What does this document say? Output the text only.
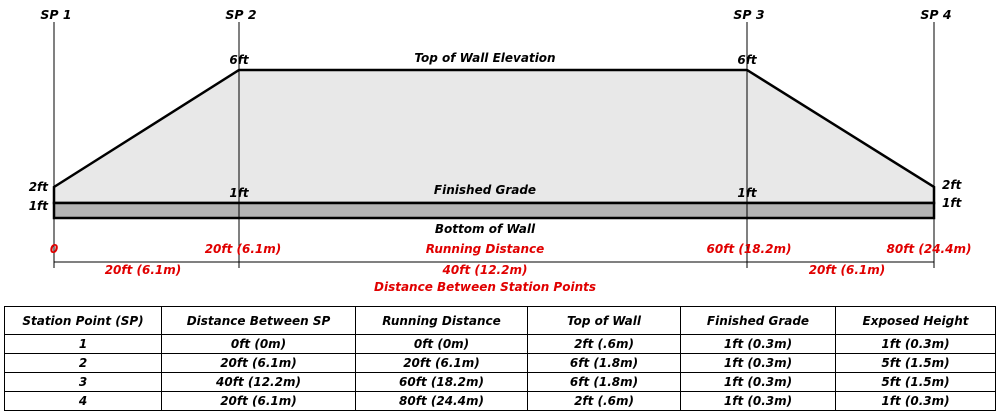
SP 1	SP 2	SP 3	SP 4
2ft
6ft	6ft
2ft
1ft
1ft	1ft
1ft
Top of Wall Elevation
Finished Grade
Bottom of Wall
0	20ft (6.1m)	Running Distance	60ft (18.2m)	80ft (24.4m)
20ft (6.1m)	40ft (12.2m)	20ft (6.1m)
Distance Between Station Points
Station Point (SP)	Distance Between SP	Running Distance	Top of Wall	Finished Grade	Exposed Height
1	0ft (0m)	0ft (0m)	2ft (.6m)	1ft (0.3m)	1ft (0.3m)
2	20ft (6.1m)	20ft (6.1m)	6ft (1.8m)	1ft (0.3m)	5ft (1.5m)
3	40ft (12.2m)	60ft (18.2m)	6ft (1.8m)	1ft (0.3m)	5ft (1.5m)
4	20ft (6.1m)	80ft (24.4m)	2ft (.6m)	1ft (0.3m)	1ft (0.3m)
